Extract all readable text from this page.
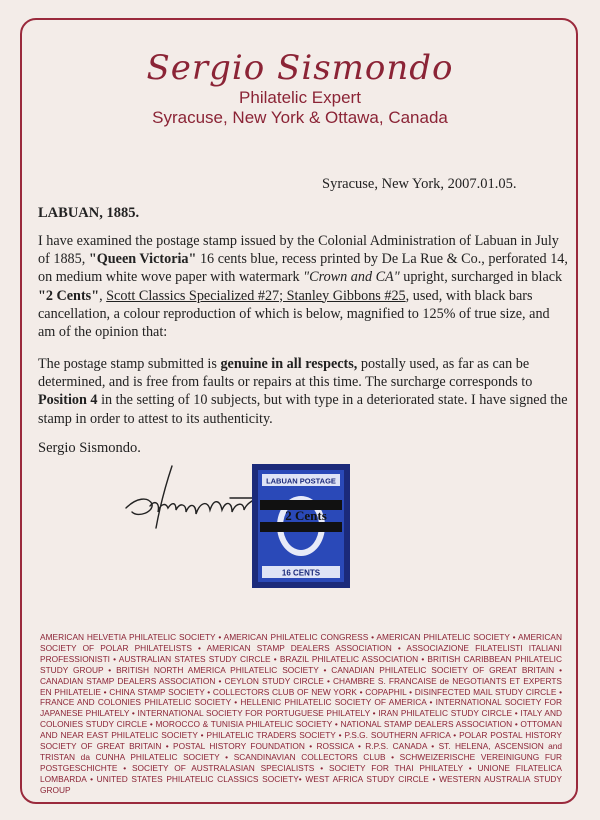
Sergio Sismondo
Philatelic Expert
Syracuse, New York & Ottawa, Canada
Syracuse, New York, 2007.01.05.
LABUAN, 1885.
I have examined the postage stamp issued by the Colonial Administration of Labuan in July of 1885, "Queen Victoria" 16 cents blue, recess printed by De La Rue & Co., perforated 14, on medium white wove paper with watermark "Crown and CA" upright, surcharged in black "2 Cents", Scott Classics Specialized #27; Stanley Gibbons #25, used, with black bars cancellation, a colour reproduction of which is below, magnified to 125% of true size, and am of the opinion that:
The postage stamp submitted is genuine in all respects, postally used, as far as can be determined, and is free from faults or repairs at this time. The surcharge corresponds to Position 4 in the setting of 10 subjects, but with type in a deteriorated state. I have signed the stamp in order to attest to its authenticity.
Sergio Sismondo.
LABUAN POSTAGE
2 Cents
16 CENTS
AMERICAN HELVETIA PHILATELIC SOCIETY • AMERICAN PHILATELIC CONGRESS • AMERICAN PHILATELIC SOCIETY • AMERICAN SOCIETY OF POLAR PHILATELISTS • AMERICAN STAMP DEALERS ASSOCIATION • ASSOCIAZIONE FILATELISTI ITALIANI PROFESSIONISTI • AUSTRALIAN STATES STUDY CIRCLE • BRAZIL PHILATELIC ASSOCIATION • BRITISH CARIBBEAN PHILATELIC STUDY GROUP • BRITISH NORTH AMERICA PHILATELIC SOCIETY • CANADIAN PHILATELIC SOCIETY OF GREAT BRITAIN • CANADIAN STAMP DEALERS ASSOCIATION • CEYLON STUDY CIRCLE • CHAMBRE S. FRANCAISE de NEGOTIANTS ET EXPERTS EN PHILATELIE • CHINA STAMP SOCIETY • COLLECTORS CLUB OF NEW YORK • COPAPHIL • DISINFECTED MAIL STUDY CIRCLE • FRANCE AND COLONIES PHILATELIC SOCIETY • HELLENIC PHILATELIC SOCIETY OF AMERICA • INTERNATIONAL SOCIETY FOR JAPANESE PHILATELY • INTERNATIONAL SOCIETY FOR PORTUGUESE PHILATELY • IRAN PHILATELIC STUDY CIRCLE • ITALY AND COLONIES STUDY CIRCLE • MOROCCO & TUNISIA PHILATELIC SOCIETY • NATIONAL STAMP DEALERS ASSOCIATION • OTTOMAN AND NEAR EAST PHILATELIC SOCIETY • PHILATELIC TRADERS SOCIETY • P.S.G. SOUTHERN AFRICA • POLAR POSTAL HISTORY SOCIETY OF GREAT BRITAIN • POSTAL HISTORY FOUNDATION • ROSSICA • R.P.S. CANADA • ST. HELENA, ASCENSION and TRISTAN da CUNHA PHILATELIC SOCIETY • SCANDINAVIAN COLLECTORS CLUB • SCHWEIZERISCHE VEREINIGUNG FUR POSTGESCHICHTE • SOCIETY OF AUSTRALASIAN SPECIALISTS • SOCIETY FOR THAI PHILATELY • UNIONE FILATELICA LOMBARDA • UNITED STATES PHILATELIC CLASSICS SOCIETY• WEST AFRICA STUDY CIRCLE • WESTERN AUSTRALIA STUDY GROUP
